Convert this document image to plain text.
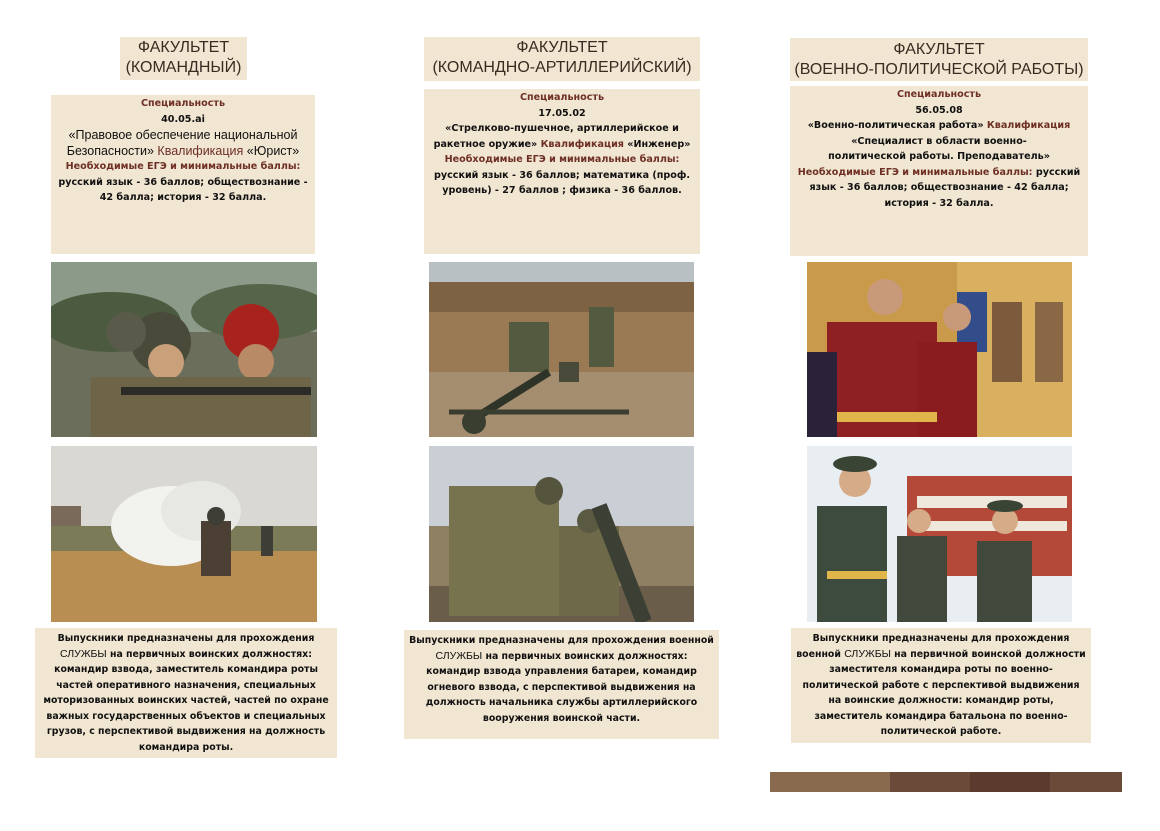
ФАКУЛЬТЕТ
(КОМАНДНЫЙ)

Специальность

40.05.ai

«Правовое обеспечение национальной

Безопасности» Квалификация «Юрист»

Необходимые ЕГЭ и минимальные баллы: русский язык - 36 баллов; обществознание - 42 балла; история - 32 балла.

Выпускники предназначены для прохождения СЛУЖБЫ на первичных воинских должностях: командир взвода, заместитель командира роты частей оперативного назначения, специальных моторизованных воинских частей, частей по охране важных государственных объектов и специальных грузов, с перспективой выдвижения на должность командира роты.
ФАКУЛЬТЕТ
(КОМАНДНО-АРТИЛЛЕРИЙСКИЙ)

Специальность

17.05.02

«Стрелково-пушечное, артиллерийское и ракетное оружие» Квалификация «Инженер»

Необходимые ЕГЭ и минимальные баллы: русский язык - 36 баллов; математика (проф. уровень) - 27 баллов ; физика - 36 баллов.

Выпускники предназначены для прохождения военной СЛУЖБЫ на первичных воинских должностях: командир взвода управления батареи, командир огневого взвода, с перспективой выдвижения на должность начальника службы артиллерийского вооружения воинской части.
ФАКУЛЬТЕТ
(ВОЕННО-ПОЛИТИЧЕСКОЙ РАБОТЫ)

Специальность

56.05.08

«Военно-политическая работа» Квалификация

«Специалист в области военно-политической работы. Преподаватель»

Необходимые ЕГЭ и минимальные баллы: русский язык - 36 баллов; обществознание - 42 балла; история - 32 балла.

Выпускники предназначены для прохождения военной СЛУЖБЫ на первичной воинской должности заместителя командира роты по военно-политической работе с перспективой выдвижения на воинские должности: командир роты, заместитель командира батальона по военно-политической работе.
